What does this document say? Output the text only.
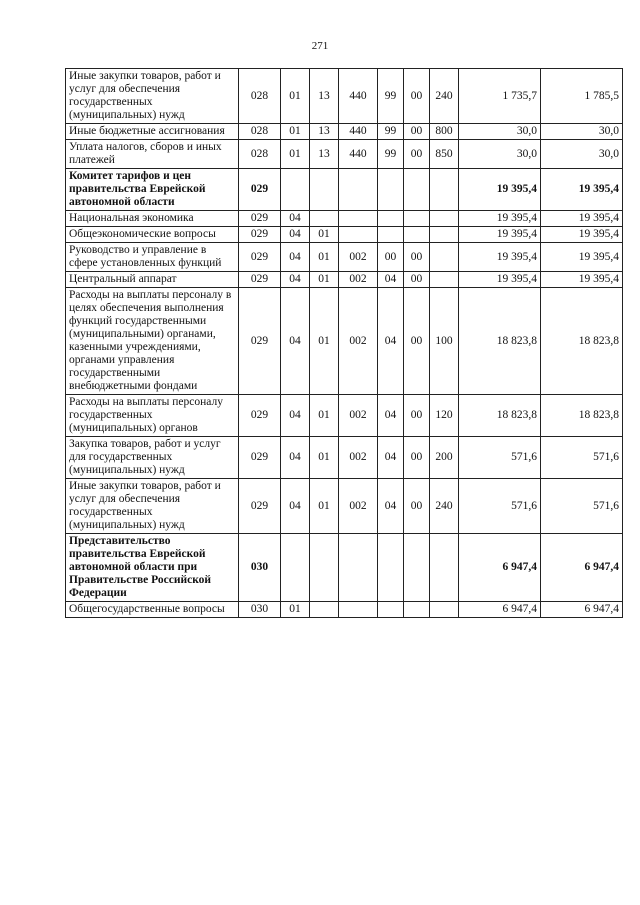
271
Иные закупки товаров, работ и услуг для обеспечения государственных (муниципальных) нужд	028	01	13	440	99	00	240	1 735,7	1 785,5
Иные бюджетные ассигнования	028	01	13	440	99	00	800	30,0	30,0
Уплата налогов, сборов и иных платежей	028	01	13	440	99	00	850	30,0	30,0
Комитет тарифов и цен правительства Еврейской автономной области	029							19 395,4	19 395,4
Национальная экономика	029	04						19 395,4	19 395,4
Общеэкономические вопросы	029	04	01					19 395,4	19 395,4
Руководство и управление в сфере установленных функций	029	04	01	002	00	00		19 395,4	19 395,4
Центральный аппарат	029	04	01	002	04	00		19 395,4	19 395,4
Расходы на выплаты персоналу в целях обеспечения выполнения функций государственными (муниципальными) органами, казенными учреждениями, органами управления государственными внебюджетными фондами	029	04	01	002	04	00	100	18 823,8	18 823,8
Расходы на выплаты персоналу государственных (муниципальных) органов	029	04	01	002	04	00	120	18 823,8	18 823,8
Закупка товаров, работ и услуг для государственных (муниципальных) нужд	029	04	01	002	04	00	200	571,6	571,6
Иные закупки товаров, работ и услуг для обеспечения государственных (муниципальных) нужд	029	04	01	002	04	00	240	571,6	571,6
Представительство правительства Еврейской автономной области при Правительстве Российской Федерации	030							6 947,4	6 947,4
Общегосударственные вопросы	030	01						6 947,4	6 947,4
